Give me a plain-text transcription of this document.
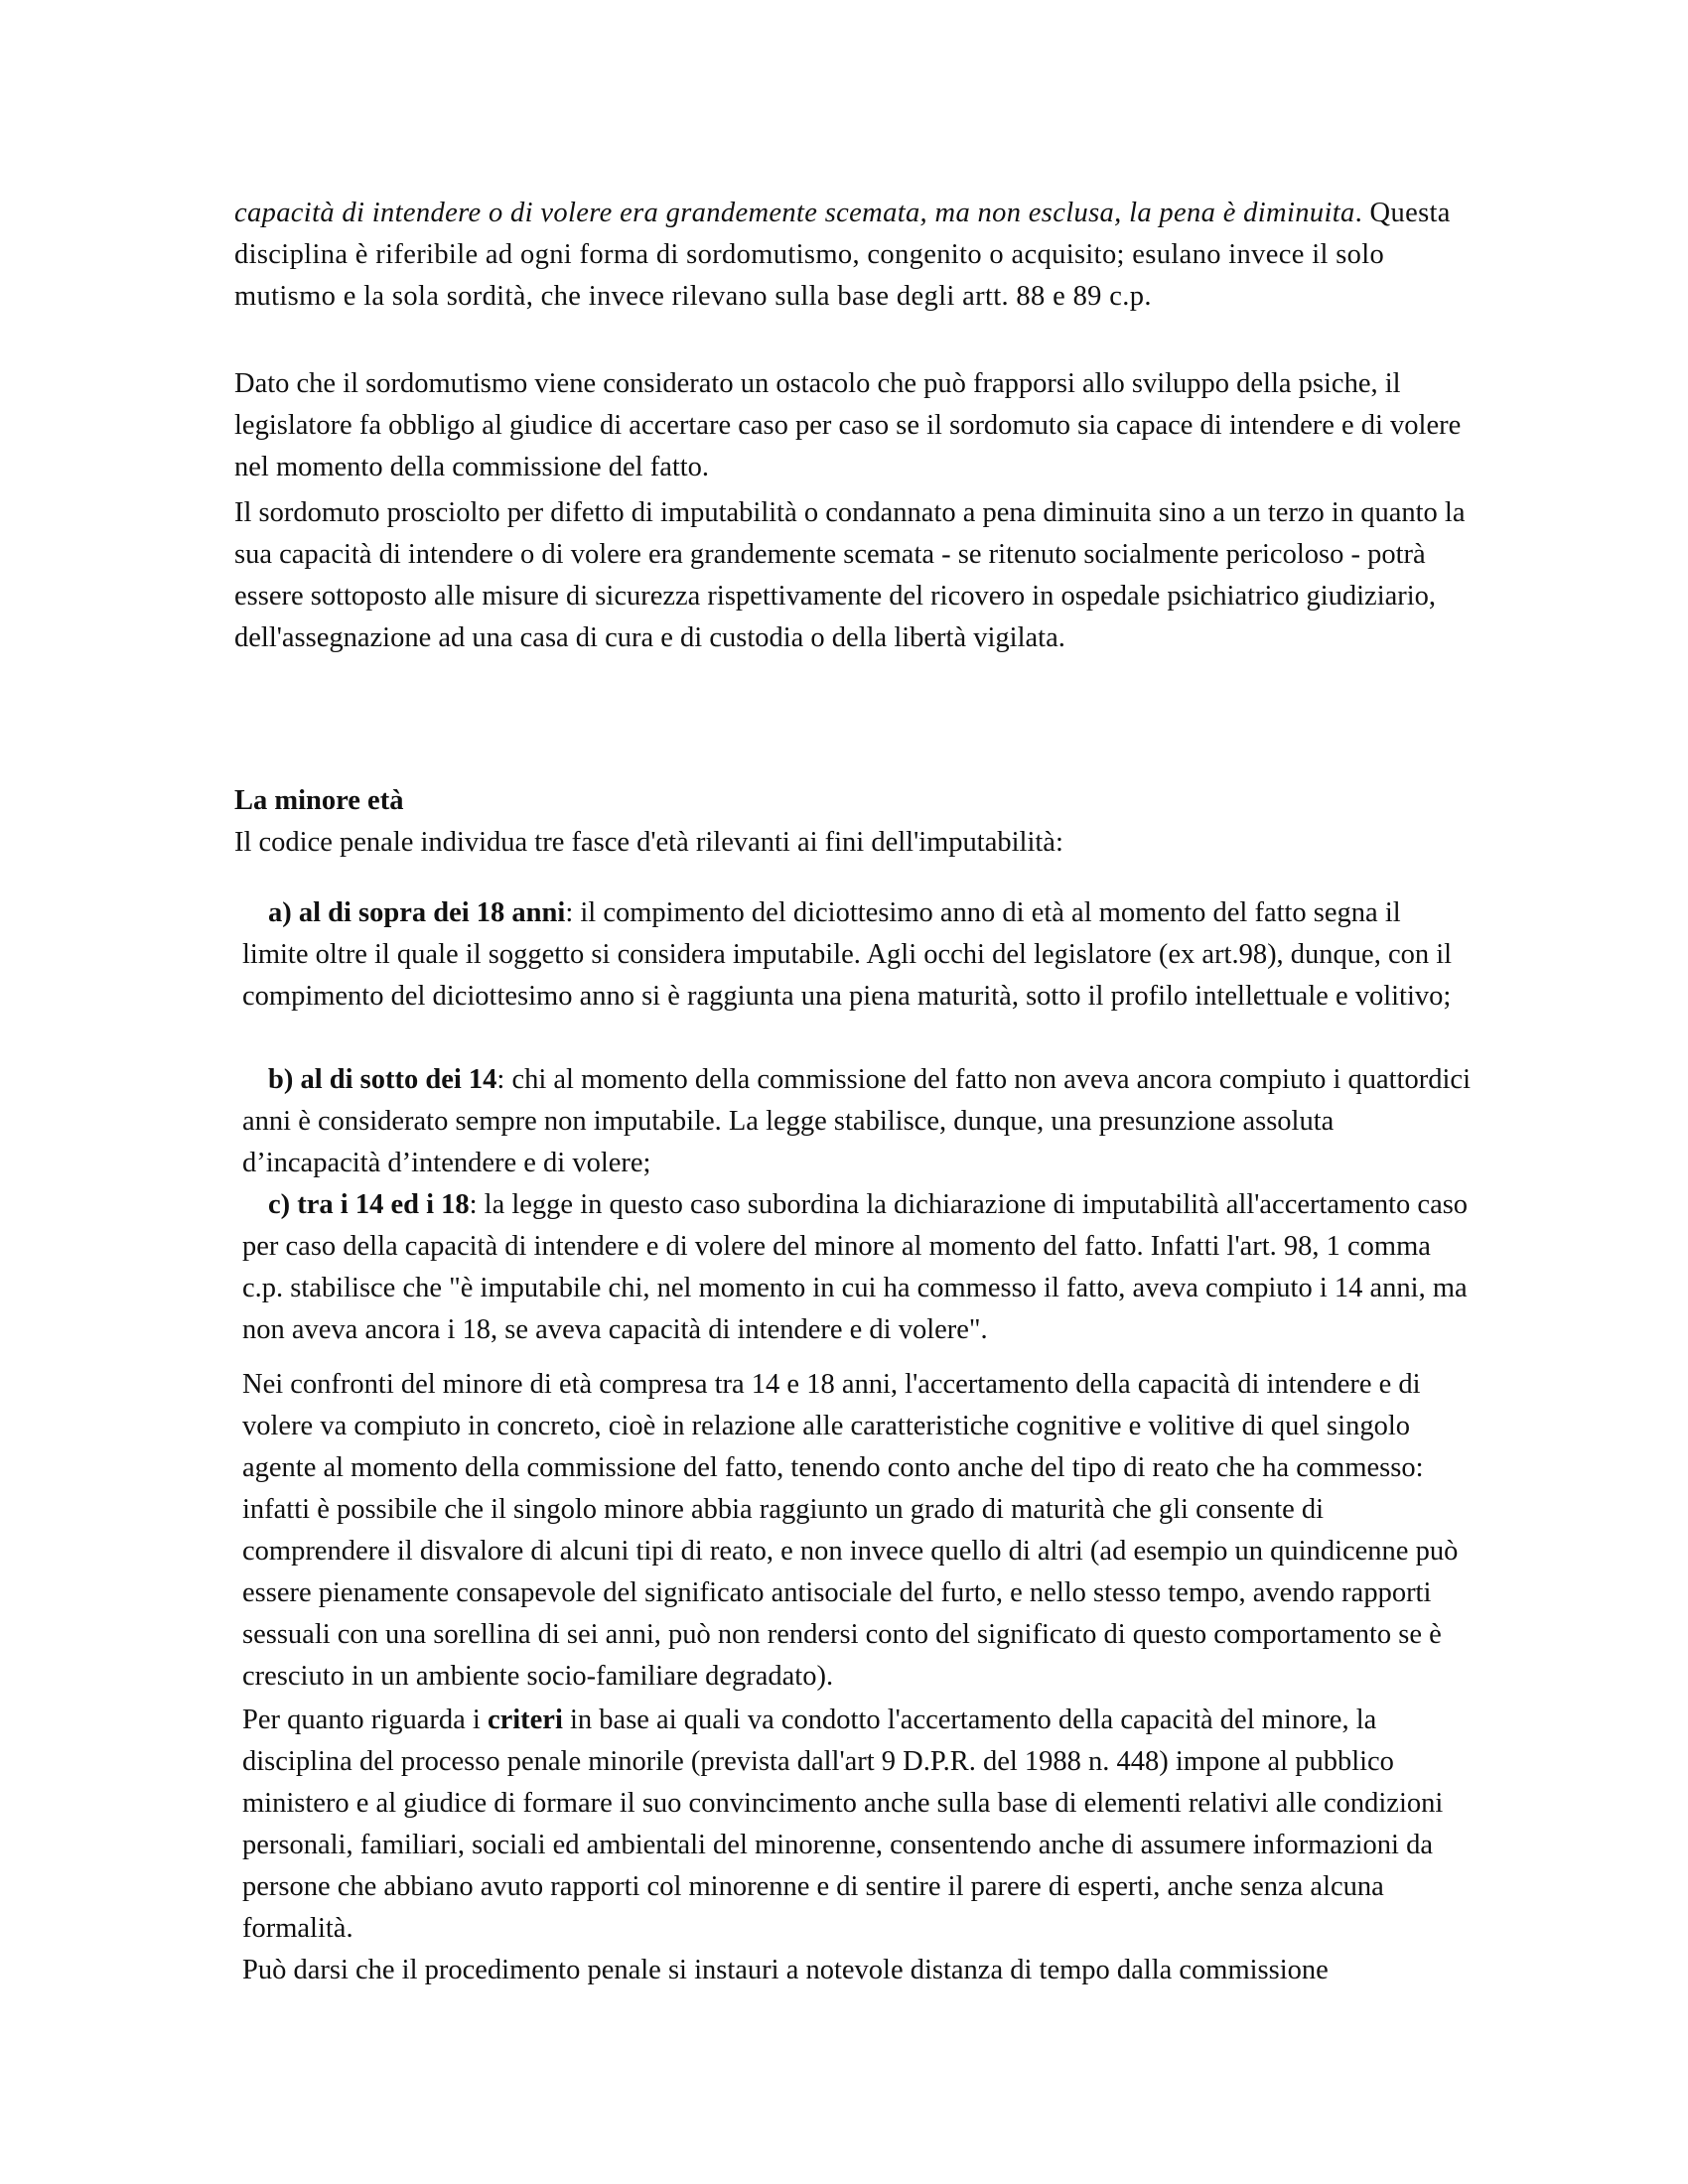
capacità di intendere o di volere era grandemente scemata, ma non esclusa, la pena è diminuita. Questa disciplina è riferibile ad ogni forma di sordomutismo, congenito o acquisito; esulano invece il solo mutismo e la sola sordità, che invece rilevano sulla base degli artt. 88 e 89 c.p.

Dato che il sordomutismo viene considerato un ostacolo che può frapporsi allo sviluppo della psiche, il legislatore fa obbligo al giudice di accertare caso per caso se il sordomuto sia capace di intendere e di volere nel momento della commissione del fatto.

Il sordomuto prosciolto per difetto di imputabilità o condannato a pena diminuita sino a un terzo in quanto la sua capacità di intendere o di volere era grandemente scemata - se ritenuto socialmente pericoloso - potrà essere sottoposto alle misure di sicurezza rispettivamente del ricovero in ospedale psichiatrico giudiziario, dell'assegnazione ad una casa di cura e di custodia o della libertà vigilata.

La minore età
Il codice penale individua tre fasce d'età rilevanti ai fini dell'imputabilità:

a) al di sopra dei 18 anni: il compimento del diciottesimo anno di età al momento del fatto segna il limite oltre il quale il soggetto si considera imputabile. Agli occhi del legislatore (ex art.98), dunque, con il compimento del diciottesimo anno si è raggiunta una piena maturità, sotto il profilo intellettuale e volitivo;

b) al di sotto dei 14: chi al momento della commissione del fatto non aveva ancora compiuto i quattordici anni è considerato sempre non imputabile. La legge stabilisce, dunque, una presunzione assoluta d’incapacità d’intendere e di volere;

c) tra i 14 ed i 18: la legge in questo caso subordina la dichiarazione di imputabilità all'accertamento caso per caso della capacità di intendere e di volere del minore al momento del fatto. Infatti l'art. 98, 1 comma c.p. stabilisce che "è imputabile chi, nel momento in cui ha commesso il fatto, aveva compiuto i 14 anni, ma non aveva ancora i 18, se aveva capacità di intendere e di volere".

Nei confronti del minore di età compresa tra 14 e 18 anni, l'accertamento della capacità di intendere e di volere va compiuto in concreto, cioè in relazione alle caratteristiche cognitive e volitive di quel singolo agente al momento della commissione del fatto, tenendo conto anche del tipo di reato che ha commesso: infatti è possibile che il singolo minore abbia raggiunto un grado di maturità che gli consente di comprendere il disvalore di alcuni tipi di reato, e non invece quello di altri (ad esempio un quindicenne può essere pienamente consapevole del significato antisociale del furto, e nello stesso tempo, avendo rapporti sessuali con una sorellina di sei anni, può non rendersi conto del significato di questo comportamento se è cresciuto in un ambiente socio-familiare degradato).
Per quanto riguarda i criteri in base ai quali va condotto l'accertamento della capacità del minore, la disciplina del processo penale minorile (prevista dall'art 9 D.P.R. del 1988 n. 448) impone al pubblico ministero e al giudice di formare il suo convincimento anche sulla base di elementi relativi alle condizioni personali, familiari, sociali ed ambientali del minorenne, consentendo anche di assumere informazioni da persone che abbiano avuto rapporti col minorenne e di sentire il parere di esperti, anche senza alcuna formalità.
Può darsi che il procedimento penale si instauri a notevole distanza di tempo dalla commissione
